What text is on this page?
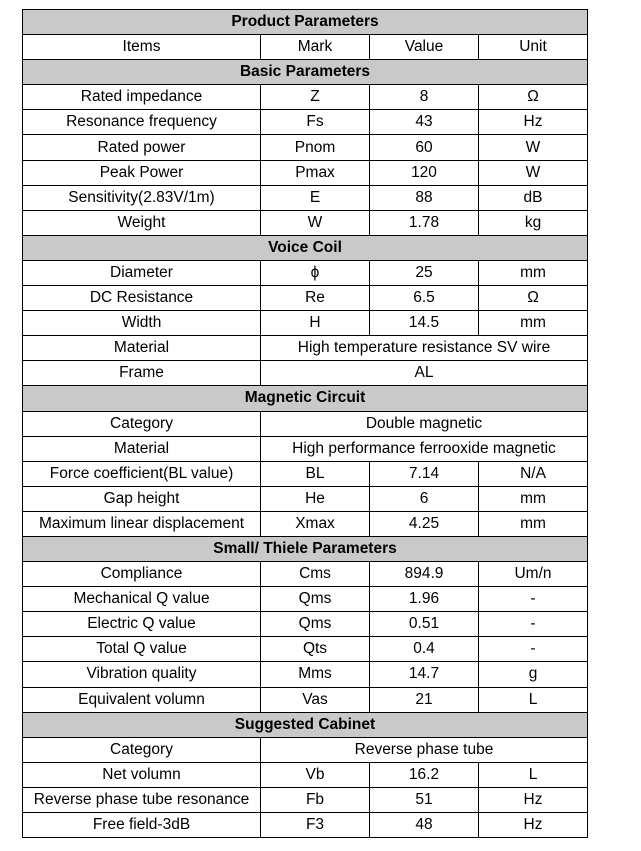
Product Parameters			
Items	Mark	Value	Unit
Basic Parameters			
Rated impedance	Z	8	Ω
Resonance frequency	Fs	43	Hz
Rated power	Pnom	60	W
Peak Power	Pmax	120	W
Sensitivity(2.83V/1m)	E	88	dB
Weight	W	1.78	kg
Voice Coil			
Diameter	ϕ	25	mm
DC Resistance	Re	6.5	Ω
Width	H	14.5	mm
Material	High temperature resistance SV wire		
Frame	AL		
Magnetic Circuit			
Category	Double magnetic		
Material	High performance ferrooxide magnetic		
Force coefficient(BL value)	BL	7.14	N/A
Gap height	He	6	mm
Maximum linear displacement	Xmax	4.25	mm
Small/ Thiele Parameters			
Compliance	Cms	894.9	Um/n
Mechanical Q value	Qms	1.96	-
Electric Q value	Qms	0.51	-
Total Q value	Qts	0.4	-
Vibration quality	Mms	14.7	g
Equivalent volumn	Vas	21	L
Suggested Cabinet			
Category	Reverse phase tube		
Net volumn	Vb	16.2	L
Reverse phase tube resonance	Fb	51	Hz
Free field-3dB	F3	48	Hz
